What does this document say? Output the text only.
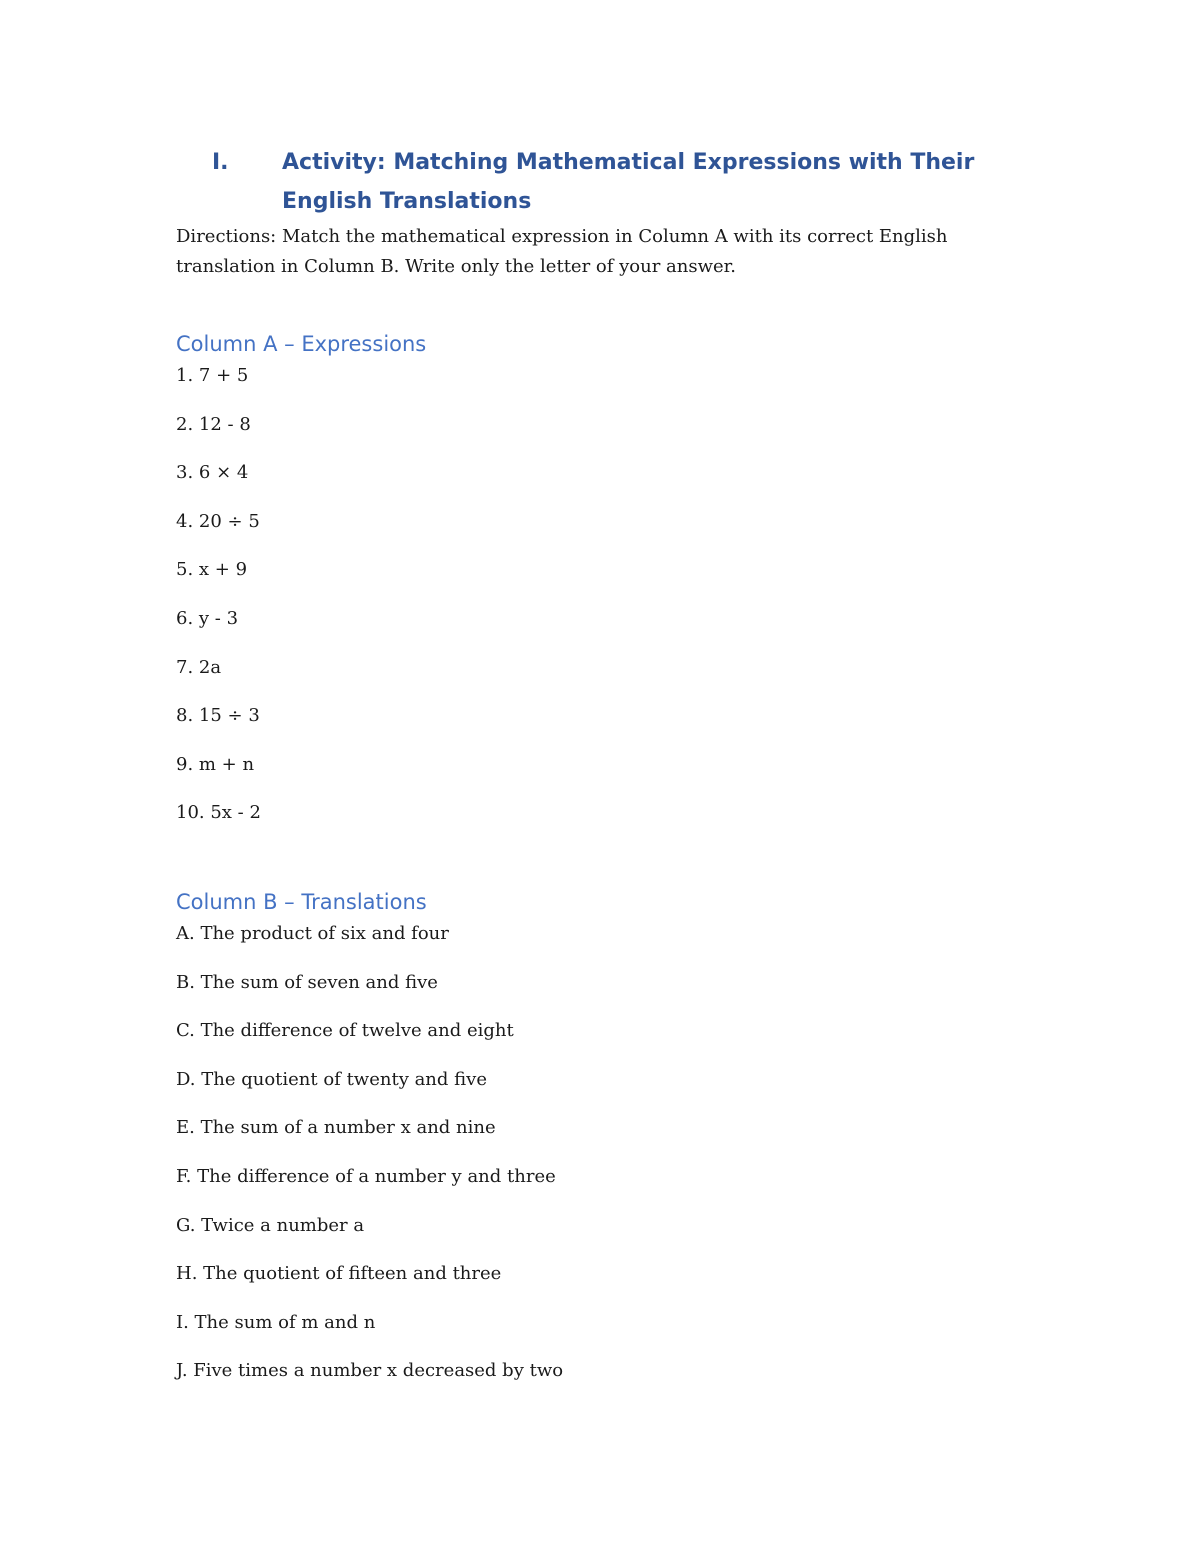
I. Activity: Matching Mathematical Expressions with Their English Translations
Directions: Match the mathematical expression in Column A with its correct English translation in Column B. Write only the letter of your answer.
Column A – Expressions
1. 7 + 5
2. 12 - 8
3. 6 × 4
4. 20 ÷ 5
5. x + 9
6. y - 3
7. 2a
8. 15 ÷ 3
9. m + n
10. 5x - 2
Column B – Translations
A. The product of six and four
B. The sum of seven and five
C. The difference of twelve and eight
D. The quotient of twenty and five
E. The sum of a number x and nine
F. The difference of a number y and three
G. Twice a number a
H. The quotient of fifteen and three
I. The sum of m and n
J. Five times a number x decreased by two
